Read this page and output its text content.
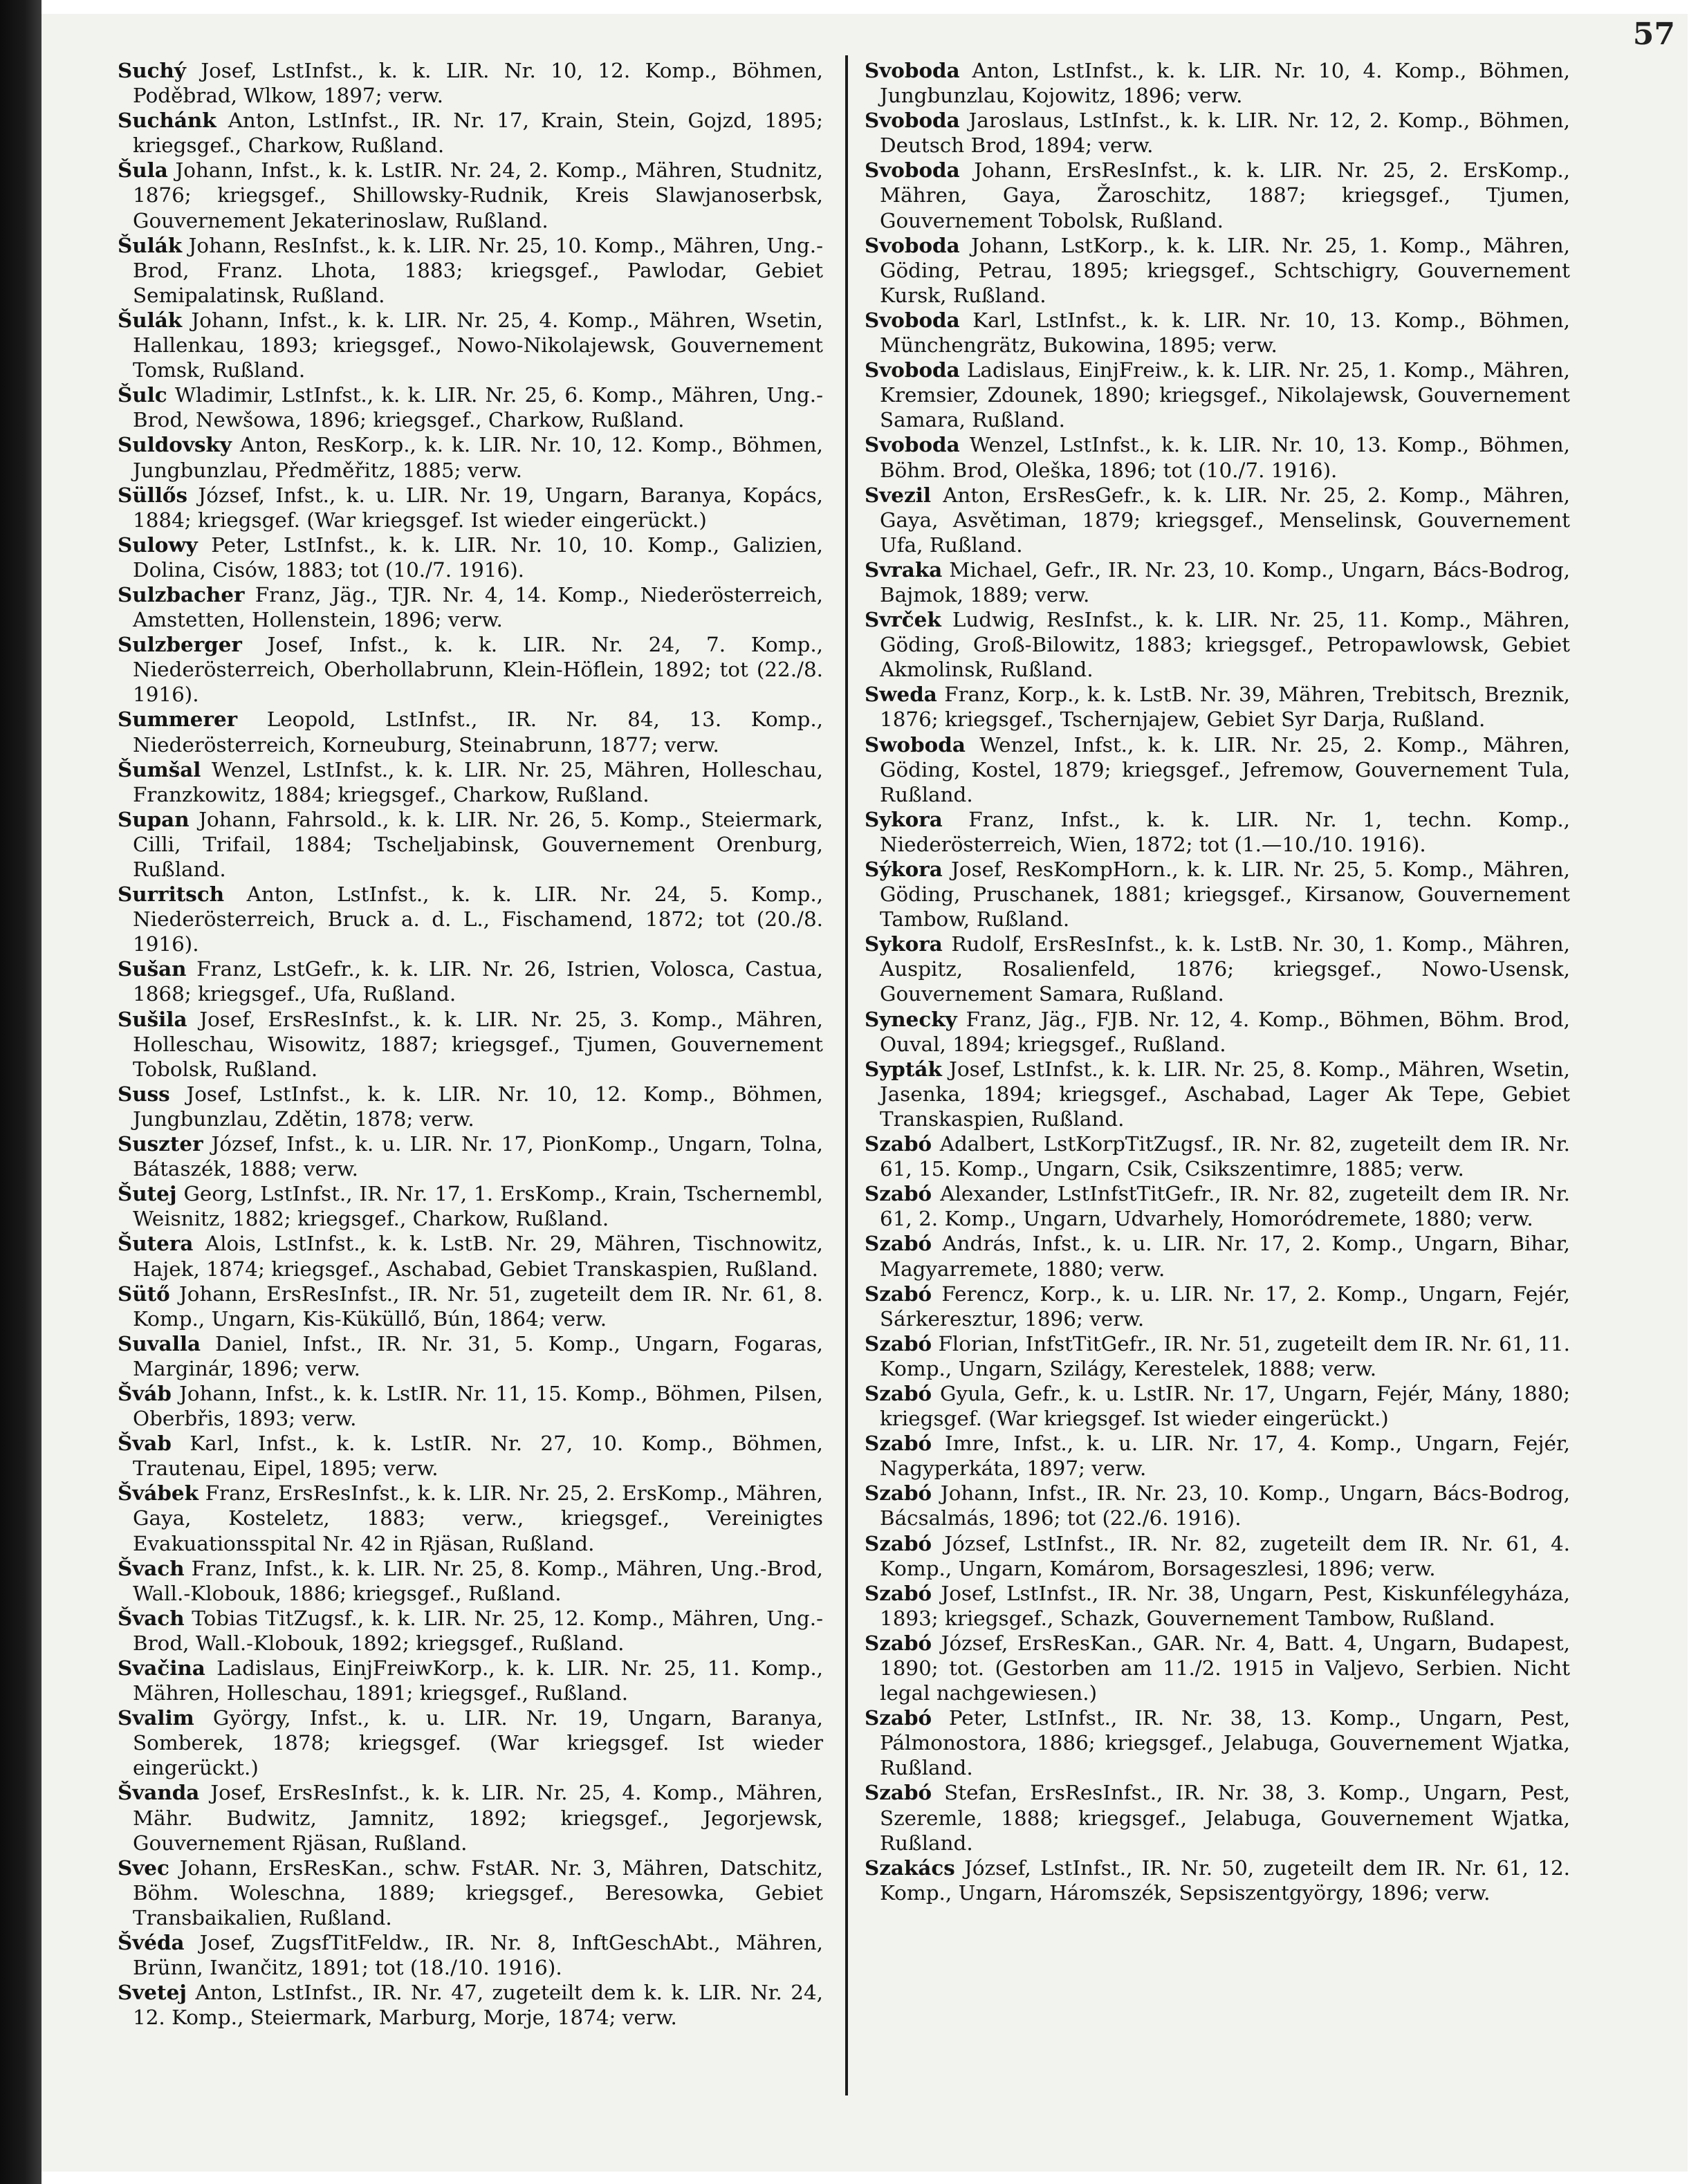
57

Suchý Josef, LstInfst., k. k. LIR. Nr. 10, 12. Komp., Böhmen, Poděbrad, Wlkow, 1897; verw.

Suchánk Anton, LstInfst., IR. Nr. 17, Krain, Stein, Gojzd, 1895; kriegsgef., Charkow, Rußland.

Šula Johann, Infst., k. k. LstIR. Nr. 24, 2. Komp., Mähren, Studnitz, 1876; kriegsgef., Shillowsky-Rudnik, Kreis Slawjanoserbsk, Gouvernement Jekaterinoslaw, Rußland.

Šulák Johann, ResInfst., k. k. LIR. Nr. 25, 10. Komp., Mähren, Ung.-Brod, Franz. Lhota, 1883; kriegsgef., Pawlodar, Gebiet Semipalatinsk, Rußland.

Šulák Johann, Infst., k. k. LIR. Nr. 25, 4. Komp., Mähren, Wsetin, Hallenkau, 1893; kriegsgef., Nowo-Nikolajewsk, Gouvernement Tomsk, Rußland.

Šulc Wladimir, LstInfst., k. k. LIR. Nr. 25, 6. Komp., Mähren, Ung.-Brod, Newšowa, 1896; kriegsgef., Charkow, Rußland.

Suldovsky Anton, ResKorp., k. k. LIR. Nr. 10, 12. Komp., Böhmen, Jungbunzlau, Předměřitz, 1885; verw.

Süllős József, Infst., k. u. LIR. Nr. 19, Ungarn, Baranya, Kopács, 1884; kriegsgef. (War kriegsgef. Ist wieder eingerückt.)

Sulowy Peter, LstInfst., k. k. LIR. Nr. 10, 10. Komp., Galizien, Dolina, Cisów, 1883; tot (10./7. 1916).

Sulzbacher Franz, Jäg., TJR. Nr. 4, 14. Komp., Niederösterreich, Amstetten, Hollenstein, 1896; verw.

Sulzberger Josef, Infst., k. k. LIR. Nr. 24, 7. Komp., Niederösterreich, Oberhollabrunn, Klein-Höflein, 1892; tot (22./8. 1916).

Summerer Leopold, LstInfst., IR. Nr. 84, 13. Komp., Niederösterreich, Korneuburg, Steinabrunn, 1877; verw.

Šumšal Wenzel, LstInfst., k. k. LIR. Nr. 25, Mähren, Holleschau, Franzkowitz, 1884; kriegsgef., Charkow, Rußland.

Supan Johann, Fahrsold., k. k. LIR. Nr. 26, 5. Komp., Steiermark, Cilli, Trifail, 1884; Tscheljabinsk, Gouvernement Orenburg, Rußland.

Surritsch Anton, LstInfst., k. k. LIR. Nr. 24, 5. Komp., Niederösterreich, Bruck a. d. L., Fischamend, 1872; tot (20./8. 1916).

Sušan Franz, LstGefr., k. k. LIR. Nr. 26, Istrien, Volosca, Castua, 1868; kriegsgef., Ufa, Rußland.

Sušila Josef, ErsResInfst., k. k. LIR. Nr. 25, 3. Komp., Mähren, Holleschau, Wisowitz, 1887; kriegsgef., Tjumen, Gouvernement Tobolsk, Rußland.

Suss Josef, LstInfst., k. k. LIR. Nr. 10, 12. Komp., Böhmen, Jungbunzlau, Zdětin, 1878; verw.

Suszter József, Infst., k. u. LIR. Nr. 17, PionKomp., Ungarn, Tolna, Bátaszék, 1888; verw.

Šutej Georg, LstInfst., IR. Nr. 17, 1. ErsKomp., Krain, Tschernembl, Weisnitz, 1882; kriegsgef., Charkow, Rußland.

Šutera Alois, LstInfst., k. k. LstB. Nr. 29, Mähren, Tischnowitz, Hajek, 1874; kriegsgef., Aschabad, Gebiet Transkaspien, Rußland.

Sütő Johann, ErsResInfst., IR. Nr. 51, zugeteilt dem IR. Nr. 61, 8. Komp., Ungarn, Kis-Küküllő, Bún, 1864; verw.

Suvalla Daniel, Infst., IR. Nr. 31, 5. Komp., Ungarn, Fogaras, Marginár, 1896; verw.

Šváb Johann, Infst., k. k. LstIR. Nr. 11, 15. Komp., Böhmen, Pilsen, Oberbřis, 1893; verw.

Švab Karl, Infst., k. k. LstIR. Nr. 27, 10. Komp., Böhmen, Trautenau, Eipel, 1895; verw.

Švábek Franz, ErsResInfst., k. k. LIR. Nr. 25, 2. ErsKomp., Mähren, Gaya, Kosteletz, 1883; verw., kriegsgef., Vereinigtes Evakuationsspital Nr. 42 in Rjäsan, Rußland.

Švach Franz, Infst., k. k. LIR. Nr. 25, 8. Komp., Mähren, Ung.-Brod, Wall.-Klobouk, 1886; kriegsgef., Rußland.

Švach Tobias TitZugsf., k. k. LIR. Nr. 25, 12. Komp., Mähren, Ung.-Brod, Wall.-Klobouk, 1892; kriegsgef., Rußland.

Svačina Ladislaus, EinjFreiwKorp., k. k. LIR. Nr. 25, 11. Komp., Mähren, Holleschau, 1891; kriegsgef., Rußland.

Svalim György, Infst., k. u. LIR. Nr. 19, Ungarn, Baranya, Somberek, 1878; kriegsgef. (War kriegsgef. Ist wieder eingerückt.)

Švanda Josef, ErsResInfst., k. k. LIR. Nr. 25, 4. Komp., Mähren, Mähr. Budwitz, Jamnitz, 1892; kriegsgef., Jegorjewsk, Gouvernement Rjäsan, Rußland.

Svec Johann, ErsResKan., schw. FstAR. Nr. 3, Mähren, Datschitz, Böhm. Woleschna, 1889; kriegsgef., Beresowka, Gebiet Transbaikalien, Rußland.

Švéda Josef, ZugsfTitFeldw., IR. Nr. 8, InftGeschAbt., Mähren, Brünn, Iwančitz, 1891; tot (18./10. 1916).

Svetej Anton, LstInfst., IR. Nr. 47, zugeteilt dem k. k. LIR. Nr. 24, 12. Komp., Steiermark, Marburg, Morje, 1874; verw.

Svoboda Anton, LstInfst., k. k. LIR. Nr. 10, 4. Komp., Böhmen, Jungbunzlau, Kojowitz, 1896; verw.

Svoboda Jaroslaus, LstInfst., k. k. LIR. Nr. 12, 2. Komp., Böhmen, Deutsch Brod, 1894; verw.

Svoboda Johann, ErsResInfst., k. k. LIR. Nr. 25, 2. ErsKomp., Mähren, Gaya, Žaroschitz, 1887; kriegsgef., Tjumen, Gouvernement Tobolsk, Rußland.

Svoboda Johann, LstKorp., k. k. LIR. Nr. 25, 1. Komp., Mähren, Göding, Petrau, 1895; kriegsgef., Schtschigry, Gouvernement Kursk, Rußland.

Svoboda Karl, LstInfst., k. k. LIR. Nr. 10, 13. Komp., Böhmen, Münchengrätz, Bukowina, 1895; verw.

Svoboda Ladislaus, EinjFreiw., k. k. LIR. Nr. 25, 1. Komp., Mähren, Kremsier, Zdounek, 1890; kriegsgef., Nikolajewsk, Gouvernement Samara, Rußland.

Svoboda Wenzel, LstInfst., k. k. LIR. Nr. 10, 13. Komp., Böhmen, Böhm. Brod, Oleška, 1896; tot (10./7. 1916).

Svezil Anton, ErsResGefr., k. k. LIR. Nr. 25, 2. Komp., Mähren, Gaya, Asvětiman, 1879; kriegsgef., Menselinsk, Gouvernement Ufa, Rußland.

Svraka Michael, Gefr., IR. Nr. 23, 10. Komp., Ungarn, Bács-Bodrog, Bajmok, 1889; verw.

Svrček Ludwig, ResInfst., k. k. LIR. Nr. 25, 11. Komp., Mähren, Göding, Groß-Bilowitz, 1883; kriegsgef., Petropawlowsk, Gebiet Akmolinsk, Rußland.

Sweda Franz, Korp., k. k. LstB. Nr. 39, Mähren, Trebitsch, Breznik, 1876; kriegsgef., Tschernjajew, Gebiet Syr Darja, Rußland.

Swoboda Wenzel, Infst., k. k. LIR. Nr. 25, 2. Komp., Mähren, Göding, Kostel, 1879; kriegsgef., Jefremow, Gouvernement Tula, Rußland.

Sykora Franz, Infst., k. k. LIR. Nr. 1, techn. Komp., Niederösterreich, Wien, 1872; tot (1.—10./10. 1916).

Sýkora Josef, ResKompHorn., k. k. LIR. Nr. 25, 5. Komp., Mähren, Göding, Pruschanek, 1881; kriegsgef., Kirsanow, Gouvernement Tambow, Rußland.

Sykora Rudolf, ErsResInfst., k. k. LstB. Nr. 30, 1. Komp., Mähren, Auspitz, Rosalienfeld, 1876; kriegsgef., Nowo-Usensk, Gouvernement Samara, Rußland.

Synecky Franz, Jäg., FJB. Nr. 12, 4. Komp., Böhmen, Böhm. Brod, Ouval, 1894; kriegsgef., Rußland.

Sypták Josef, LstInfst., k. k. LIR. Nr. 25, 8. Komp., Mähren, Wsetin, Jasenka, 1894; kriegsgef., Aschabad, Lager Ak Tepe, Gebiet Transkaspien, Rußland.

Szabó Adalbert, LstKorpTitZugsf., IR. Nr. 82, zugeteilt dem IR. Nr. 61, 15. Komp., Ungarn, Csik, Csikszentimre, 1885; verw.

Szabó Alexander, LstInfstTitGefr., IR. Nr. 82, zugeteilt dem IR. Nr. 61, 2. Komp., Ungarn, Udvarhely, Homoródremete, 1880; verw.

Szabó András, Infst., k. u. LIR. Nr. 17, 2. Komp., Ungarn, Bihar, Magyarremete, 1880; verw.

Szabó Ferencz, Korp., k. u. LIR. Nr. 17, 2. Komp., Ungarn, Fejér, Sárkeresztur, 1896; verw.

Szabó Florian, InfstTitGefr., IR. Nr. 51, zugeteilt dem IR. Nr. 61, 11. Komp., Ungarn, Szilágy, Kerestelek, 1888; verw.

Szabó Gyula, Gefr., k. u. LstIR. Nr. 17, Ungarn, Fejér, Mány, 1880; kriegsgef. (War kriegsgef. Ist wieder eingerückt.)

Szabó Imre, Infst., k. u. LIR. Nr. 17, 4. Komp., Ungarn, Fejér, Nagyperkáta, 1897; verw.

Szabó Johann, Infst., IR. Nr. 23, 10. Komp., Ungarn, Bács-Bodrog, Bácsalmás, 1896; tot (22./6. 1916).

Szabó József, LstInfst., IR. Nr. 82, zugeteilt dem IR. Nr. 61, 4. Komp., Ungarn, Komárom, Borsageszlesi, 1896; verw.

Szabó Josef, LstInfst., IR. Nr. 38, Ungarn, Pest, Kiskunfélegyháza, 1893; kriegsgef., Schazk, Gouvernement Tambow, Rußland.

Szabó József, ErsResKan., GAR. Nr. 4, Batt. 4, Ungarn, Budapest, 1890; tot. (Gestorben am 11./2. 1915 in Valjevo, Serbien. Nicht legal nachgewiesen.)

Szabó Peter, LstInfst., IR. Nr. 38, 13. Komp., Ungarn, Pest, Pálmonostora, 1886; kriegsgef., Jelabuga, Gouvernement Wjatka, Rußland.

Szabó Stefan, ErsResInfst., IR. Nr. 38, 3. Komp., Ungarn, Pest, Szeremle, 1888; kriegsgef., Jelabuga, Gouvernement Wjatka, Rußland.

Szakács József, LstInfst., IR. Nr. 50, zugeteilt dem IR. Nr. 61, 12. Komp., Ungarn, Háromszék, Sepsiszentgyörgy, 1896; verw.
